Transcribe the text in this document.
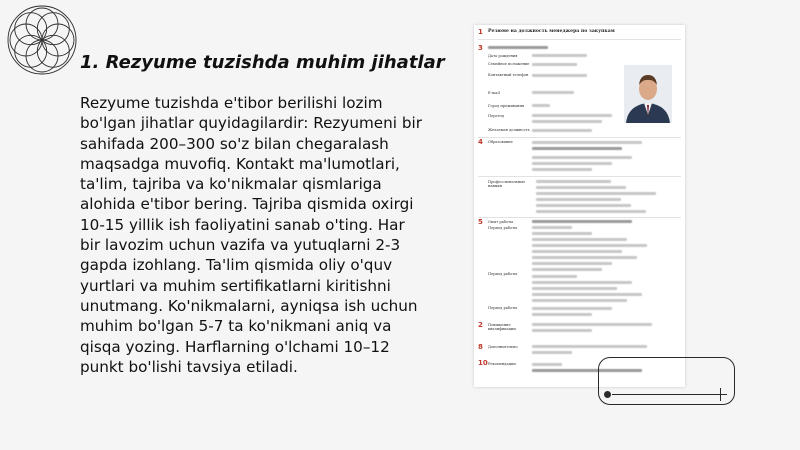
1. Rezyume tuzishda muhim jihatlar
Rezyume tuzishda e'tibor berilishi lozim bo'lgan jihatlar quyidagilardir: Rezyumeni bir sahifada 200–300 so'z bilan chegaralash maqsadga muvofiq. Kontakt ma'lumotlari, ta'lim, tajriba va ko'nikmalar qismlariga alohida e'tibor bering. Tajriba qismida oxirgi 10-15 yillik ish faoliyatini sanab o'ting. Har bir lavozim uchun vazifa va yutuqlarni 2-3 gapda izohlang. Ta'lim qismida oliy o'quv yurtlari va muhim sertifikatlarni kiritishni unutmang. Ko'nikmalarni, ayniqsa ish uchun muhim bo'lgan 5-7 ta ko'nikmani aniq va qisqa yozing. Harflarning o'lchami 10–12 punkt bo'lishi tavsiya etiladi.
Резюме на должность менеджера по закупкам
1
3
4
5
2
8
10
Дата рождения
Семейное положение
Контактный телефон
E-mail
Город проживания
Переезд
Желаемая должность
Образование
Профессиональные навыки
Опыт работы
Период работы
Период работы
Период работы
Повышение квалификации
Дополнительно
Рекомендации
